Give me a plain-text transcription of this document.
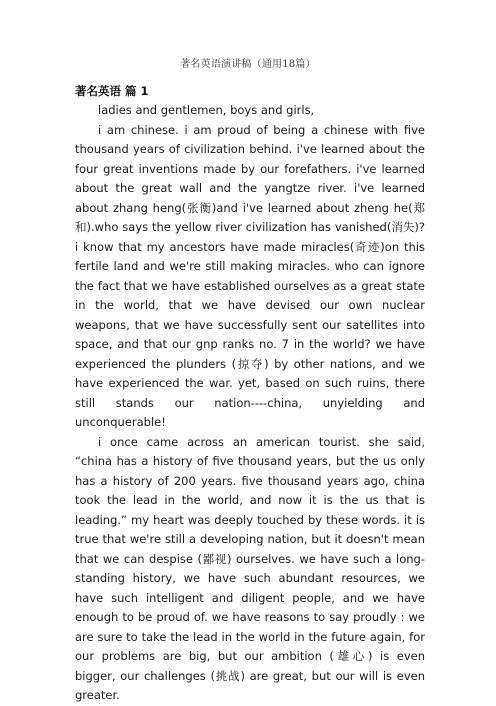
著名英语演讲稿（通用18篇）
著名英语 篇 1

ladies and gentlemen, boys and girls,

i am chinese. i am proud of being a chinese with five thousand years of civilization behind. i've learned about the four great inventions made by our forefathers. i've learned about the great wall and the yangtze river. i've learned about zhang heng(张衡)and i've learned about zheng he(郑和).who says the yellow river civilization has vanished(消失)?i know that my ancestors have made miracles(奇迹)on this fertile land and we're still making miracles. who can ignore the fact that we have established ourselves as a great state in the world, that we have devised our own nuclear weapons, that we have successfully sent our satellites into space, and that our gnp ranks no. 7 in the world? we have experienced the plunders (掠夺) by other nations, and we have experienced the war. yet, based on such ruins, there still stands our nation----china, unyielding and unconquerable!

i once came across an american tourist. she said, “china has a history of five thousand years, but the us only has a history of 200 years. five thousand years ago, china took the lead in the world, and now it is the us that is leading.” my heart was deeply touched by these words. it is true that we're still a developing nation, but it doesn't mean that we can despise (鄙视) ourselves. we have such a long-standing history, we have such abundant resources, we have such intelligent and diligent people, and we have enough to be proud of. we have reasons to say proudly : we are sure to take the lead in the world in the future again, for our problems are big, but our ambition (雄心) is even bigger, our challenges (挑战) are great, but our will is even greater.
